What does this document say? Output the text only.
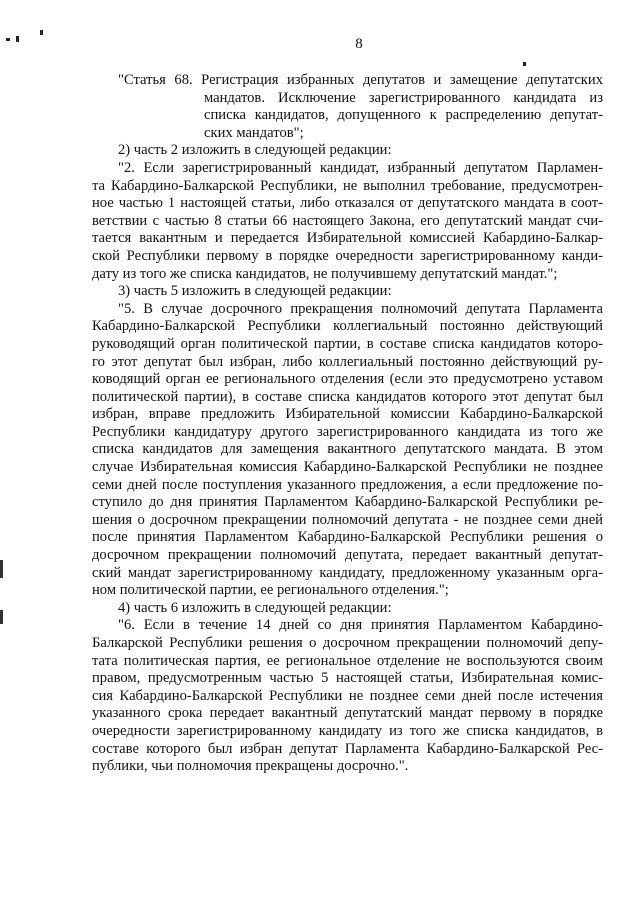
8
"Статья 68. Регистрация избранных депутатов и замещение депутатских
мандатов. Исключение зарегистрированного кандидата из
списка кандидатов, допущенного к распределению депутат-
ских мандатов";
2) часть 2 изложить в следующей редакции:
"2. Если зарегистрированный кандидат, избранный депутатом Парламен-
та Кабардино-Балкарской Республики, не выполнил требование, предусмотрен-
ное частью 1 настоящей статьи, либо отказался от депутатского мандата в соот-
ветствии с частью 8 статьи 66 настоящего Закона, его депутатский мандат счи-
тается вакантным и передается Избирательной комиссией Кабардино-Балкар-
ской Республики первому в порядке очередности зарегистрированному канди-
дату из того же списка кандидатов, не получившему депутатский мандат.";
3) часть 5 изложить в следующей редакции:
"5. В случае досрочного прекращения полномочий депутата Парламента
Кабардино-Балкарской Республики коллегиальный постоянно действующий
руководящий орган политической партии, в составе списка кандидатов которо-
го этот депутат был избран, либо коллегиальный постоянно действующий ру-
ководящий орган ее регионального отделения (если это предусмотрено уставом
политической партии), в составе списка кандидатов которого этот депутат был
избран, вправе предложить Избирательной комиссии Кабардино-Балкарской
Республики кандидатуру другого зарегистрированного кандидата из того же
списка кандидатов для замещения вакантного депутатского мандата. В этом
случае Избирательная комиссия Кабардино-Балкарской Республики не позднее
семи дней после поступления указанного предложения, а если предложение по-
ступило до дня принятия Парламентом Кабардино-Балкарской Республики ре-
шения о досрочном прекращении полномочий депутата - не позднее семи дней
после принятия Парламентом Кабардино-Балкарской Республики решения о
досрочном прекращении полномочий депутата, передает вакантный депутат-
ский мандат зарегистрированному кандидату, предложенному указанным орга-
ном политической партии, ее регионального отделения.";
4) часть 6 изложить в следующей редакции:
"6. Если в течение 14 дней со дня принятия Парламентом Кабардино-
Балкарской Республики решения о досрочном прекращении полномочий депу-
тата политическая партия, ее региональное отделение не воспользуются своим
правом, предусмотренным частью 5 настоящей статьи, Избирательная комис-
сия Кабардино-Балкарской Республики не позднее семи дней после истечения
указанного срока передает вакантный депутатский мандат первому в порядке
очередности зарегистрированному кандидату из того же списка кандидатов, в
составе которого был избран депутат Парламента Кабардино-Балкарской Рес-
публики, чьи полномочия прекращены досрочно.".
